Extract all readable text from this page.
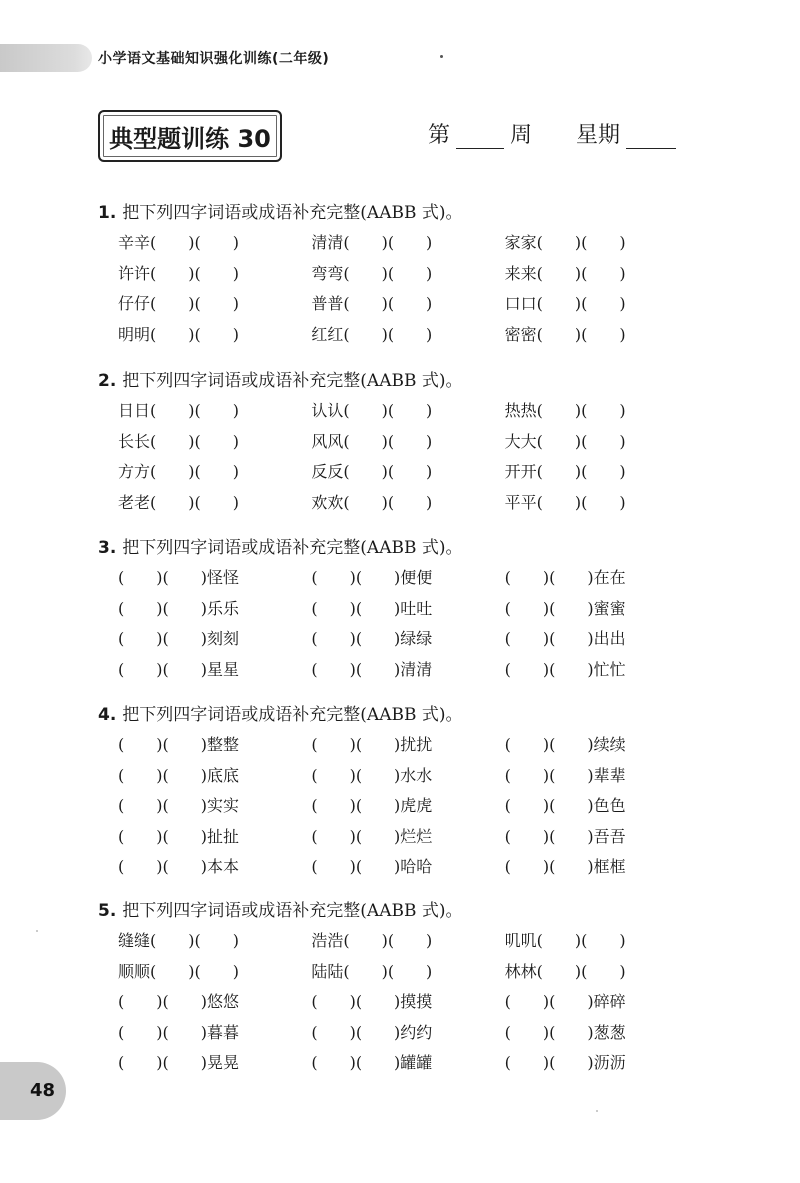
小学语文基础知识强化训练(二年级)
典型题训练 30	第	周 星期
1. 把下列四字词语或成语补充完整(AABB 式)。
辛辛(　　)(　　)	清清(　　)(　　)	家家(　　)(　　)
许许(　　)(　　)	弯弯(　　)(　　)	来来(　　)(　　)
仔仔(　　)(　　)	普普(　　)(　　)	口口(　　)(　　)
明明(　　)(　　)	红红(　　)(　　)	密密(　　)(　　)
2. 把下列四字词语或成语补充完整(AABB 式)。
日日(　　)(　　)	认认(　　)(　　)	热热(　　)(　　)
长长(　　)(　　)	风风(　　)(　　)	大大(　　)(　　)
方方(　　)(　　)	反反(　　)(　　)	开开(　　)(　　)
老老(　　)(　　)	欢欢(　　)(　　)	平平(　　)(　　)
3. 把下列四字词语或成语补充完整(AABB 式)。
(　　)(　　)怪怪	(　　)(　　)便便	(　　)(　　)在在
(　　)(　　)乐乐	(　　)(　　)吐吐	(　　)(　　)蜜蜜
(　　)(　　)刻刻	(　　)(　　)绿绿	(　　)(　　)出出
(　　)(　　)星星	(　　)(　　)清清	(　　)(　　)忙忙
4. 把下列四字词语或成语补充完整(AABB 式)。
(　　)(　　)整整	(　　)(　　)扰扰	(　　)(　　)续续
(　　)(　　)底底	(　　)(　　)水水	(　　)(　　)辈辈
(　　)(　　)实实	(　　)(　　)虎虎	(　　)(　　)色色
(　　)(　　)扯扯	(　　)(　　)烂烂	(　　)(　　)吾吾
(　　)(　　)本本	(　　)(　　)哈哈	(　　)(　　)框框
5. 把下列四字词语或成语补充完整(AABB 式)。
缝缝(　　)(　　)	浩浩(　　)(　　)	叽叽(　　)(　　)
顺顺(　　)(　　)	陆陆(　　)(　　)	林林(　　)(　　)
(　　)(　　)悠悠	(　　)(　　)摸摸	(　　)(　　)碎碎
(　　)(　　)暮暮	(　　)(　　)约约	(　　)(　　)葱葱
(　　)(　　)晃晃	(　　)(　　)罐罐	(　　)(　　)沥沥
48
